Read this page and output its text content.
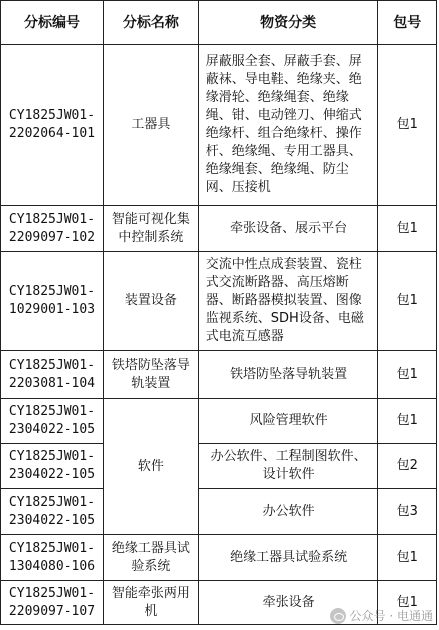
分标编号	分标名称	物资分类	包号

CY1825JW01-
2202064-101	工器具	屏蔽服全套、屏蔽手套、屏蔽袜、导电鞋、绝缘夹、绝缘滑轮、绝缘绳套、绝缘绳、钳、电动锉刀、伸缩式绝缘杆、组合绝缘杆、操作杆、绝缘绳、专用工器具、绝缘绳套、绝缘绳、防尘网、压接机	包1

CY1825JW01-
2209097-102	智能可视化集中控制系统	牵张设备、展示平台	包1

CY1825JW01-
1029001-103	装置设备	交流中性点成套装置、瓷柱式交流断路器、高压熔断器、断路器模拟装置、图像监视系统、SDH设备、电磁式电流互感器	包1

CY1825JW01-
2203081-104	铁塔防坠落导轨装置	铁塔防坠落导轨装置	包1

CY1825JW01-
2304022-105	软件	风险管理软件	包1

CY1825JW01-
2304022-105		办公软件、工程制图软件、设计软件	包2

CY1825JW01-
2304022-105		办公软件	包3

CY1825JW01-
1304080-106	绝缘工器具试验系统	绝缘工器具试验系统	包1

CY1825JW01-
2209097-107	智能牵张两用机	牵张设备	包1
公众号 · 电通通
